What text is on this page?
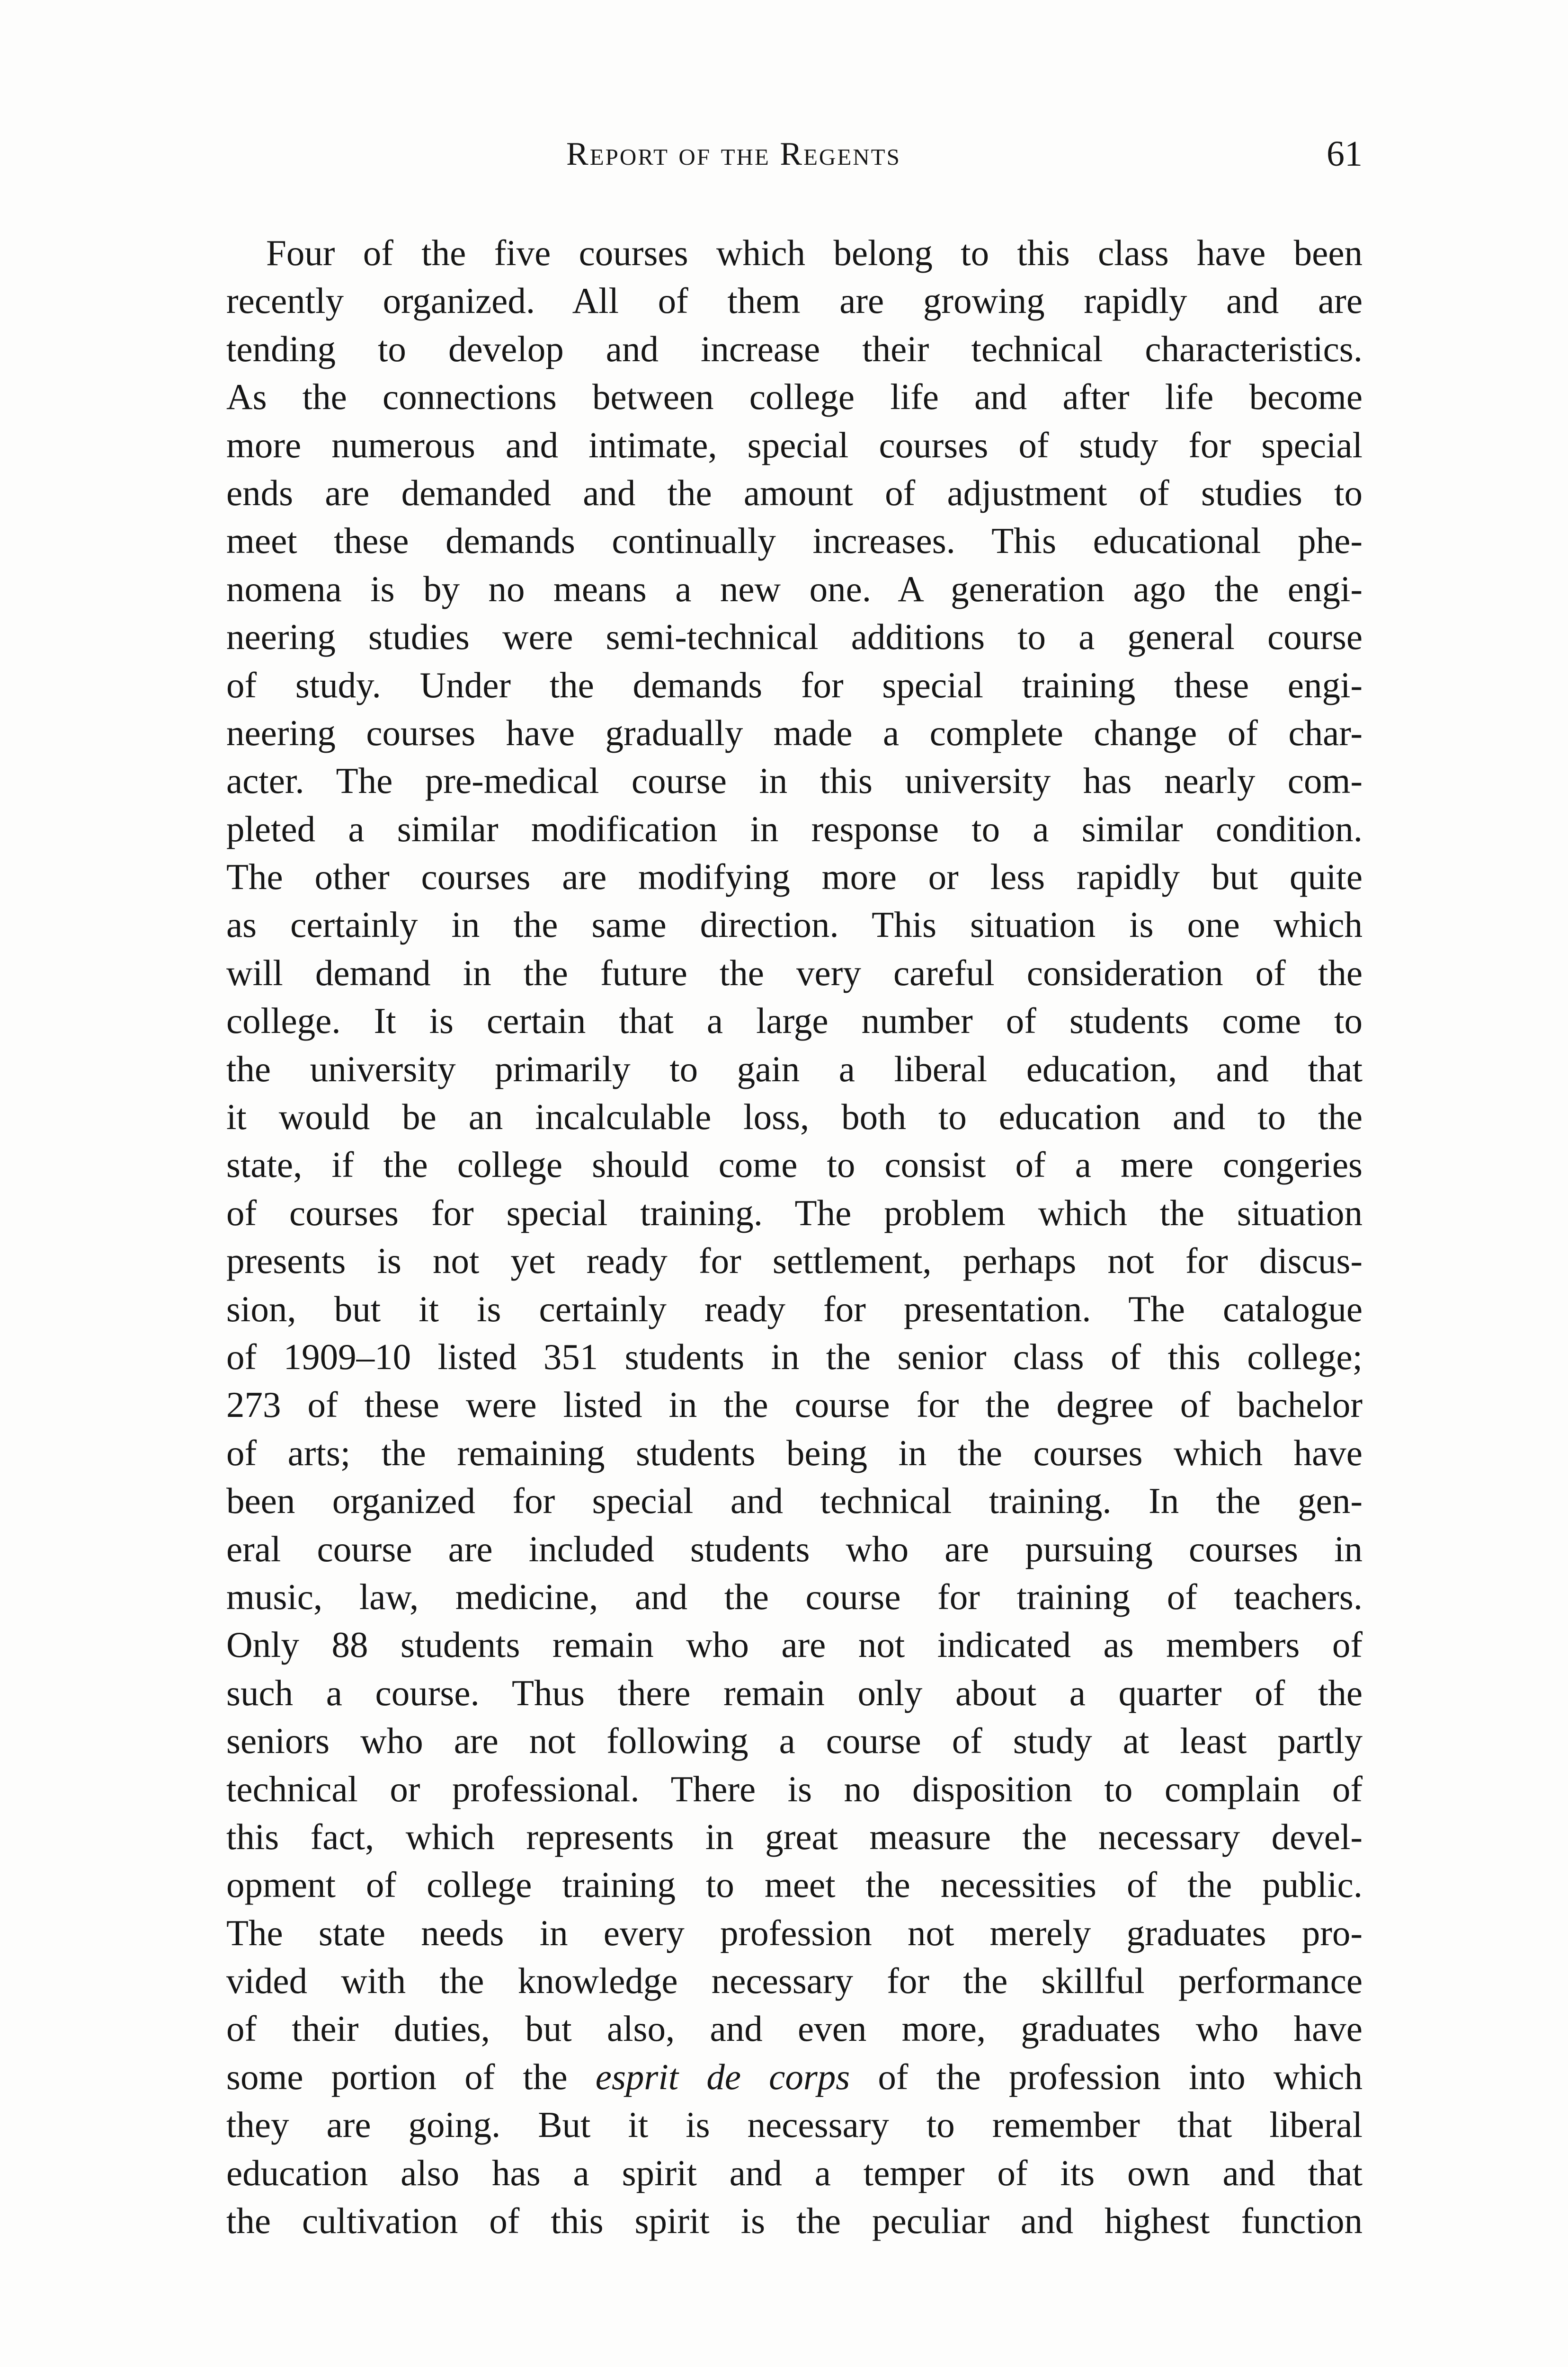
Report of the Regents	61
Four of the five courses which belong to this class have been
recently organized. All of them are growing rapidly and are
tending to develop and increase their technical characteristics.
As the connections between college life and after life become
more numerous and intimate, special courses of study for special
ends are demanded and the amount of adjustment of studies to
meet these demands continually increases. This educational phe-
nomena is by no means a new one. A generation ago the engi-
neering studies were semi-technical additions to a general course
of study. Under the demands for special training these engi-
neering courses have gradually made a complete change of char-
acter. The pre-medical course in this university has nearly com-
pleted a similar modification in response to a similar condition.
The other courses are modifying more or less rapidly but quite
as certainly in the same direction. This situation is one which
will demand in the future the very careful consideration of the
college. It is certain that a large number of students come to
the university primarily to gain a liberal education, and that
it would be an incalculable loss, both to education and to the
state, if the college should come to consist of a mere congeries
of courses for special training. The problem which the situation
presents is not yet ready for settlement, perhaps not for discus-
sion, but it is certainly ready for presentation. The catalogue
of 1909–10 listed 351 students in the senior class of this college;
273 of these were listed in the course for the degree of bachelor
of arts; the remaining students being in the courses which have
been organized for special and technical training. In the gen-
eral course are included students who are pursuing courses in
music, law, medicine, and the course for training of teachers.
Only 88 students remain who are not indicated as members of
such a course. Thus there remain only about a quarter of the
seniors who are not following a course of study at least partly
technical or professional. There is no disposition to complain of
this fact, which represents in great measure the necessary devel-
opment of college training to meet the necessities of the public.
The state needs in every profession not merely graduates pro-
vided with the knowledge necessary for the skillful performance
of their duties, but also, and even more, graduates who have
some portion of the esprit de corps of the profession into which
they are going. But it is necessary to remember that liberal
education also has a spirit and a temper of its own and that
the cultivation of this spirit is the peculiar and highest function
